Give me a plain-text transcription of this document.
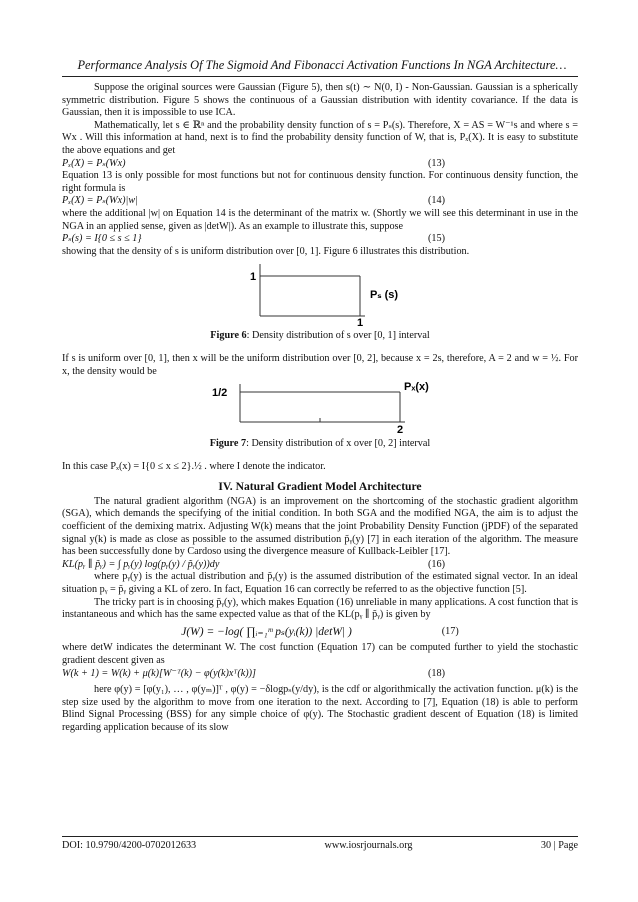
Performance Analysis Of The Sigmoid And Fibonacci Activation Functions In NGA Architecture…

Suppose the original sources were Gaussian (Figure 5), then s(t) ∼ N(0, I) - Non-Gaussian. Gaussian is a spherically symmetric distribution. Figure 5 shows the continuous of a Gaussian distribution with identity covariance. If the data is Gaussian, then it is impossible to use ICA.

Mathematically, let s ∈ ℝⁿ and the probability density function of s = Pₛ(s). Therefore, X = AS = W⁻¹s and where s = Wx . Will this information at hand, next is to find the probability density function of W, that is, Pₓ(X). It is easy to substitute the above equations and get

Pₓ(X) = Pₛ(Wx)	(13)

Equation 13 is only possible for most functions but not for continuous density function. For continuous density function, the right formula is

Pₓ(X) = Pₛ(Wx)|w|	(14)

where the additional |w| on Equation 14 is the determinant of the matrix w. (Shortly we will see this determinant in use in the NGA in an applied sense, given as |detW|). As an example to illustrate this, suppose

Pₛ(s) = I{0 ≤ s ≤ 1}	(15)

showing that the density of s is uniform distribution over [0, 1]. Figure 6 illustrates this distribution.

1
1
Pₛ (s)
Figure 6: Density distribution of s over [0, 1] interval

If s is uniform over [0, 1], then x will be the uniform distribution over [0, 2], because x = 2s, therefore, A = 2 and w = ½. For x, the density would be

1/2
2
Pₓ(x)
Figure 7: Density distribution of x over [0, 2] interval

In this case Pₓ(x) = I{0 ≤ x ≤ 2}.½ . where I denote the indicator.

IV. Natural Gradient Model Architecture

The natural gradient algorithm (NGA) is an improvement on the shortcoming of the stochastic gradient algorithm (SGA), which demands the specifying of the initial condition. In both SGA and the modified NGA, the aim is to adjust the coefficient of the demixing matrix. Adjusting W(k) means that the joint Probability Density Function (jPDF) of the separated signal y(k) is made as close as possible to the assumed distribution p̃ᵧ(y) [7] in each iteration of the algorithm. The measure has been successfully done by Cardoso using the divergence measure of Kullback-Leibler [17].

KL(pᵧ ∥ p̃ᵧ) = ∫ pᵧ(y) log(pᵧ(y) / p̃ᵧ(y))dy	(16)

where pᵧ(y) is the actual distribution and p̃ᵧ(y) is the assumed distribution of the estimated signal vector. In an ideal situation pᵧ = p̃ᵧ giving a KL of zero. In fact, Equation 16 can correctly be referred to as the objective function [5].

The tricky part is in choosing p̃ᵧ(y), which makes Equation (16) unreliable in many applications. A cost function that is instantaneous and which has the same expected value as that of the KL(pᵧ ∥ p̃ᵧ) is given by

J(W) = −log( ∏ᵢ₌₁ᵐ pₛ(yᵢ(k)) |detW| )	(17)

where detW indicates the determinant W. The cost function (Equation 17) can be computed further to yield the stochastic gradient descent given as

W(k + 1) = W(k) + μ(k)[W⁻ᵀ(k) − φ(y(k)xᵀ(k))]	(18)

here φ(y) = [φ(y₁), … , φ(yₘ)]ᵀ , φ(y) = −δlogpₛ(y/dy), is the cdf or algorithmically the activation function. μ(k) is the step size used by the algorithm to move from one iteration to the next. According to [7], Equation (18) is able to perform Blind Signal Processing (BSS) for any simple choice of φ(y). The Stochastic gradient descent of Equation (18) is limited regarding application because of its slow

DOI: 10.9790/4200-0702012633	www.iosrjournals.org	30 | Page
